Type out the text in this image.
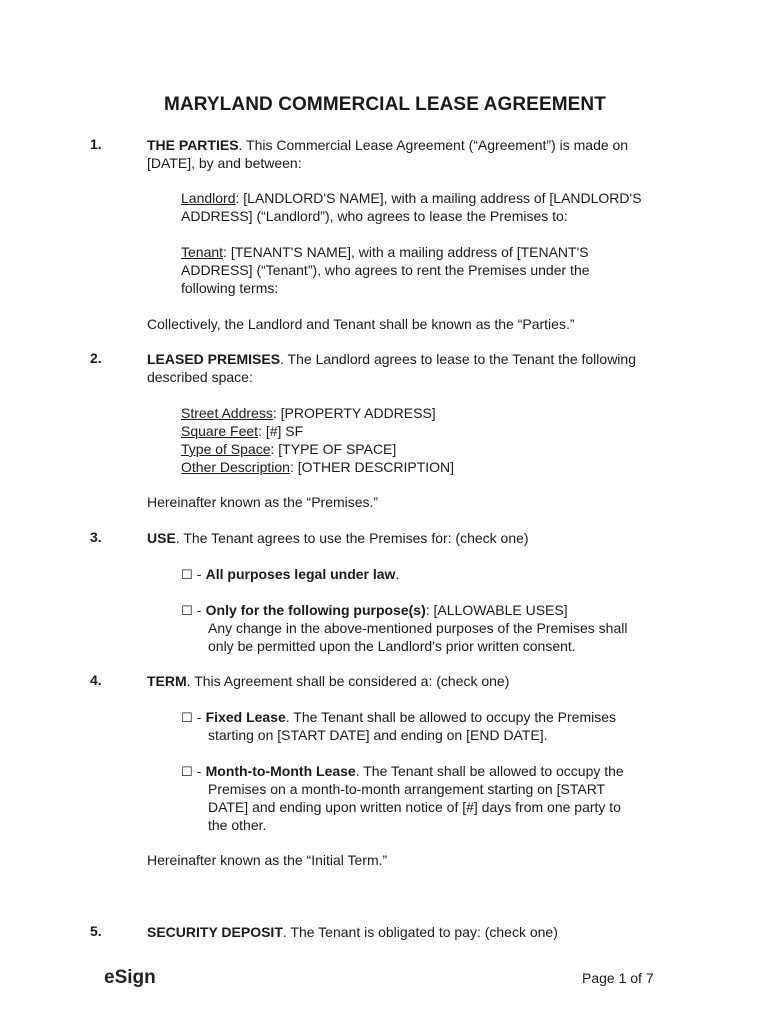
MARYLAND COMMERCIAL LEASE AGREEMENT
1.	THE PARTIES. This Commercial Lease Agreement (“Agreement”) is made on
[DATE], by and between:
Landlord: [LANDLORD'S NAME], with a mailing address of [LANDLORD'S
ADDRESS] (“Landlord”), who agrees to lease the Premises to:
Tenant: [TENANT'S NAME], with a mailing address of [TENANT'S
ADDRESS] (“Tenant”), who agrees to rent the Premises under the
following terms:
Collectively, the Landlord and Tenant shall be known as the “Parties.”
2.	LEASED PREMISES. The Landlord agrees to lease to the Tenant the following
described space:
Street Address: [PROPERTY ADDRESS]
Square Feet: [#] SF
Type of Space: [TYPE OF SPACE]
Other Description: [OTHER DESCRIPTION]
Hereinafter known as the “Premises.”
3.	USE. The Tenant agrees to use the Premises for: (check one)
☐ - All purposes legal under law.
☐ - Only for the following purpose(s): [ALLOWABLE USES]
Any change in the above-mentioned purposes of the Premises shall
only be permitted upon the Landlord's prior written consent.
4.	TERM. This Agreement shall be considered a: (check one)
☐ - Fixed Lease. The Tenant shall be allowed to occupy the Premises
starting on [START DATE] and ending on [END DATE].
☐ - Month-to-Month Lease. The Tenant shall be allowed to occupy the
Premises on a month-to-month arrangement starting on [START
DATE] and ending upon written notice of [#] days from one party to
the other.
Hereinafter known as the “Initial Term.”
5.	SECURITY DEPOSIT. The Tenant is obligated to pay: (check one)
eSign	Page 1 of 7
